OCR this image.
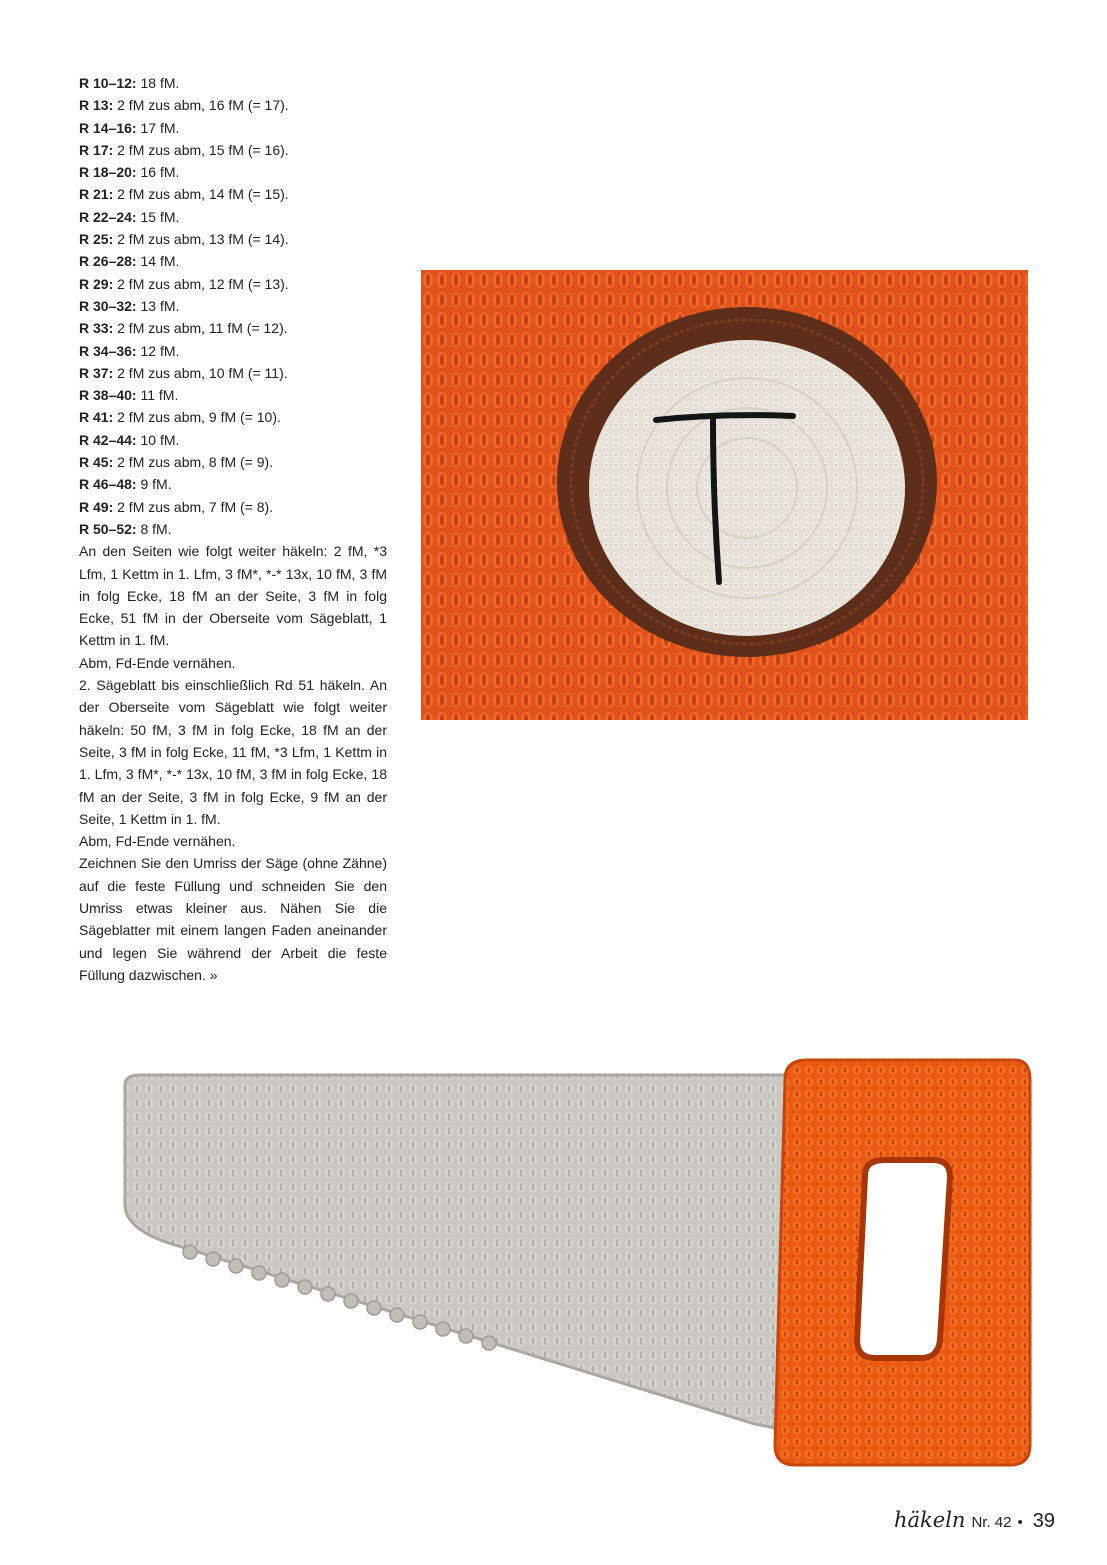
R 10–12: 18 fM.
R 13: 2 fM zus abm, 16 fM (= 17).
R 14–16: 17 fM.
R 17: 2 fM zus abm, 15 fM (= 16).
R 18–20: 16 fM.
R 21: 2 fM zus abm, 14 fM (= 15).
R 22–24: 15 fM.
R 25: 2 fM zus abm, 13 fM (= 14).
R 26–28: 14 fM.
R 29: 2 fM zus abm, 12 fM (= 13).
R 30–32: 13 fM.
R 33: 2 fM zus abm, 11 fM (= 12).
R 34–36: 12 fM.
R 37: 2 fM zus abm, 10 fM (= 11).
R 38–40: 11 fM.
R 41: 2 fM zus abm, 9 fM (= 10).
R 42–44: 10 fM.
R 45: 2 fM zus abm, 8 fM (= 9).
R 46–48: 9 fM.
R 49: 2 fM zus abm, 7 fM (= 8).
R 50–52: 8 fM.
An den Seiten wie folgt weiter häkeln: 2 fM, *3 Lfm, 1 Kettm in 1. Lfm, 3 fM*, *-* 13x, 10 fM, 3 fM in folg Ecke, 18 fM an der Seite, 3 fM in folg Ecke, 51 fM in der Oberseite vom Sägeblatt, 1 Kettm in 1. fM.
Abm, Fd-Ende vernähen.
2. Sägeblatt bis einschließlich Rd 51 häkeln. An der Oberseite vom Sägeblatt wie folgt weiter häkeln: 50 fM, 3 fM in folg Ecke, 18 fM an der Seite, 3 fM in folg Ecke, 11 fM, *3 Lfm, 1 Kettm in 1. Lfm, 3 fM*, *-* 13x, 10 fM, 3 fM in folg Ecke, 18 fM an der Seite, 3 fM in folg Ecke, 9 fM an der Seite, 1 Kettm in 1. fM.
Abm, Fd-Ende vernähen.
Zeichnen Sie den Umriss der Säge (ohne Zähne) auf die feste Füllung und schneiden Sie den Umriss etwas kleiner aus. Nähen Sie die Sägeblatter mit einem langen Faden aneinander und legen Sie während der Arbeit die feste Füllung dazwischen. »
häkeln Nr. 42 • 39
